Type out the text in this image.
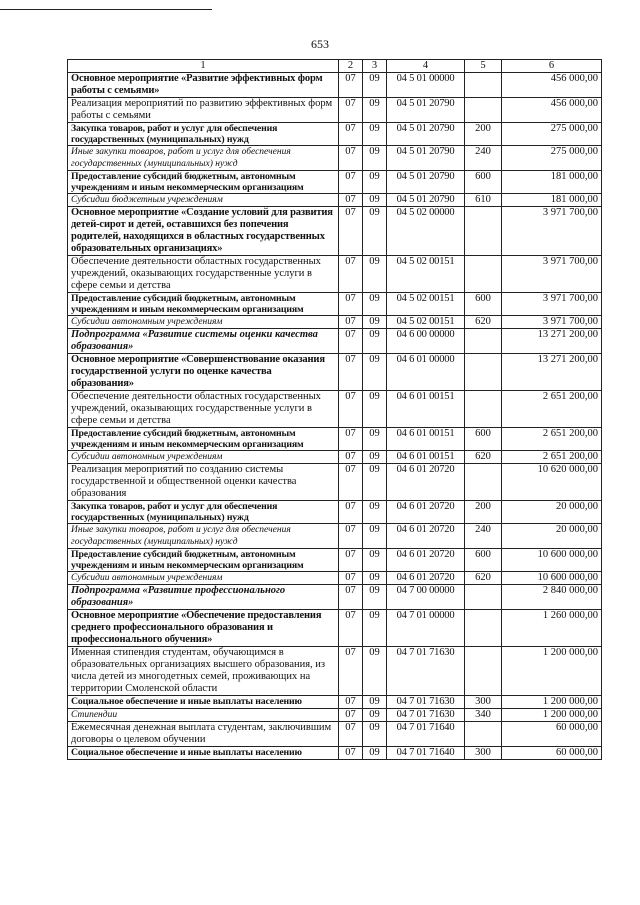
653
1	2	3	4	5	6
Основное мероприятие «Развитие эффективных форм работы с семьями»	07	09	04 5 01 00000		456 000,00
Реализация мероприятий по развитию эффективных форм работы с семьями	07	09	04 5 01 20790		456 000,00
Закупка товаров, работ и услуг для обеспечения государственных (муниципальных) нужд	07	09	04 5 01 20790	200	275 000,00
Иные закупки товаров, работ и услуг для обеспечения государственных (муниципальных) нужд	07	09	04 5 01 20790	240	275 000,00
Предоставление субсидий бюджетным, автономным учреждениям и иным некоммерческим организациям	07	09	04 5 01 20790	600	181 000,00
Субсидии бюджетным учреждениям	07	09	04 5 01 20790	610	181 000,00
Основное мероприятие «Создание условий для развития детей-сирот и детей, оставшихся без попечения родителей, находящихся в областных государственных образовательных организациях»	07	09	04 5 02 00000		3 971 700,00
Обеспечение деятельности областных государственных учреждений, оказывающих государственные услуги в сфере семьи и детства	07	09	04 5 02 00151		3 971 700,00
Предоставление субсидий бюджетным, автономным учреждениям и иным некоммерческим организациям	07	09	04 5 02 00151	600	3 971 700,00
Субсидии автономным учреждениям	07	09	04 5 02 00151	620	3 971 700,00
Подпрограмма «Развитие системы оценки качества образования»	07	09	04 6 00 00000		13 271 200,00
Основное мероприятие «Совершенствование оказания государственной услуги по оценке качества образования»	07	09	04 6 01 00000		13 271 200,00
Обеспечение деятельности областных государственных учреждений, оказывающих государственные услуги в сфере семьи и детства	07	09	04 6 01 00151		2 651 200,00
Предоставление субсидий бюджетным, автономным учреждениям и иным некоммерческим организациям	07	09	04 6 01 00151	600	2 651 200,00
Субсидии автономным учреждениям	07	09	04 6 01 00151	620	2 651 200,00
Реализация мероприятий по созданию системы государственной и общественной оценки качества образования	07	09	04 6 01 20720		10 620 000,00
Закупка товаров, работ и услуг для обеспечения государственных (муниципальных) нужд	07	09	04 6 01 20720	200	20 000,00
Иные закупки товаров, работ и услуг для обеспечения государственных (муниципальных) нужд	07	09	04 6 01 20720	240	20 000,00
Предоставление субсидий бюджетным, автономным учреждениям и иным некоммерческим организациям	07	09	04 6 01 20720	600	10 600 000,00
Субсидии автономным учреждениям	07	09	04 6 01 20720	620	10 600 000,00
Подпрограмма «Развитие профессионального образования»	07	09	04 7 00 00000		2 840 000,00
Основное мероприятие «Обеспечение предоставления среднего профессионального образования и профессионального обучения»	07	09	04 7 01 00000		1 260 000,00
Именная стипендия студентам, обучающимся в образовательных организациях высшего образования, из числа детей из многодетных семей, проживающих на территории Смоленской области	07	09	04 7 01 71630		1 200 000,00
Социальное обеспечение и иные выплаты населению	07	09	04 7 01 71630	300	1 200 000,00
Стипендии	07	09	04 7 01 71630	340	1 200 000,00
Ежемесячная денежная выплата студентам, заключившим договоры о целевом обучении	07	09	04 7 01 71640		60 000,00
Социальное обеспечение и иные выплаты населению	07	09	04 7 01 71640	300	60 000,00
